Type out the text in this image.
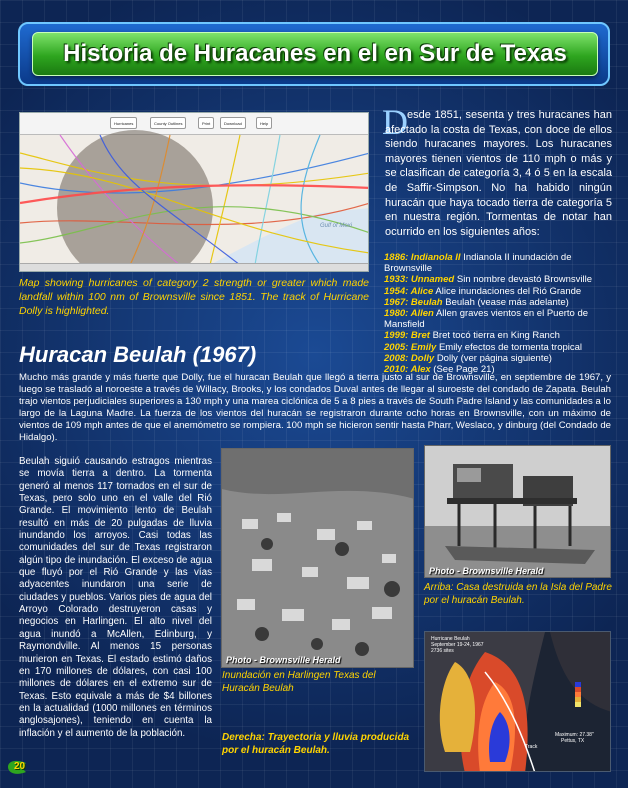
Historia de Huracanes en el en Sur de Texas
Hurricanes	County Outlines	Print	Download	Help
Gulf of Mexi
Map showing hurricanes of category 2 strength or greater which made landfall within 100 nm of Brownsville since 1851. The track of Hurricane Dolly is highlighted.
D esde 1851, sesenta y tres huracanes han afectado la costa de Texas, con doce de ellos siendo huracanes mayores. Los huracanes mayores tienen vientos de 110 mph o más y se clasifican de categoría 3, 4 ó 5 en la escala de Saffir-Simpson. No ha habido ningún huracán que haya tocado tierra de categoría 5 en nuestra región. Tormentas de notar han ocurrido en los siguientes años:
1886: Indianola II Indianola II inundación de Brownsville
1933: Unnamed Sin nombre devastó Brownsville
1954: Alice Alice inundaciones del Rió Grande
1967: Beulah Beulah (vease más adelante)
1980: Allen Allen graves vientos en el Puerto de Mansfield
1999: Bret Bret tocó tierra en King Ranch
2005: Emily Emily efectos de tormenta tropical
2008: Dolly Dolly (ver página siguiente)
2010: Alex (See Page 21)
Huracan Beulah (1967)
Mucho más grande y más fuerte que Dolly, fue el huracan Beulah que llegó a tierra justo al sur de Brownsville, en septiembre de 1967, y luego se trasladó al noroeste a través de Willacy, Brooks, y los condados Duval antes de llegar al suroeste del condado de Zapata. Beulah trajo vientos perjudiciales superiores a 130 mph y una marea ciclónica de 5 a 8 pies a través de South Padre Island y las comunidades a lo largo de la Laguna Madre. La fuerza de los vientos del huracán se registraron durante ocho horas en Brownsville, con un máximo de vientos de 109 mph antes de que el anemómetro se rompiera. 100 mph se hicieron sentir hasta Pharr, Weslaco, y dinburg (del Condado de Hidalgo).
Beulah siguió causando estragos mientras se movía tierra a dentro. La tormenta generó al menos 117 tornados en el sur de Texas, pero solo uno en el valle del Rió Grande. El movimiento lento de Beulah resultó en más de 20 pulgadas de lluvia inundando los arroyos. Casi todas las comunidades del sur de Texas registraron algún tipo de inundación. El exceso de agua que fluyó por el Rió Grande y las vías adyacentes inundaron una serie de ciudades y pueblos. Varios pies de agua del Arroyo Colorado destruyeron casas y negocios en Harlingen. El alto nivel del agua inundó a McAllen, Edinburg, y Raymondville. Al menos 15 personas murieron en Texas. El estado estimó daños en 170 millones de dólares, con casi 100 millones de dólares en el extremo sur de Texas. Esto equivale a más de $4 billones en la actualidad (1000 millones en términos anglosajones), teniendo en cuenta la inflación y el aumento de la población.
Photo - Brownsville Herald
Inundación en Harlingen Texas del Huracán Beulah
Photo - Brownsville Herald
Arriba: Casa destruida en la Isla del Padre por el huracán Beulah.
Hurricane Beulah
September 19-24, 1967
2736 sites
Track
Maximum: 27.38"
Pettus, TX
Derecha: Trayectoria y lluvia producida por el huracán Beulah.
20
